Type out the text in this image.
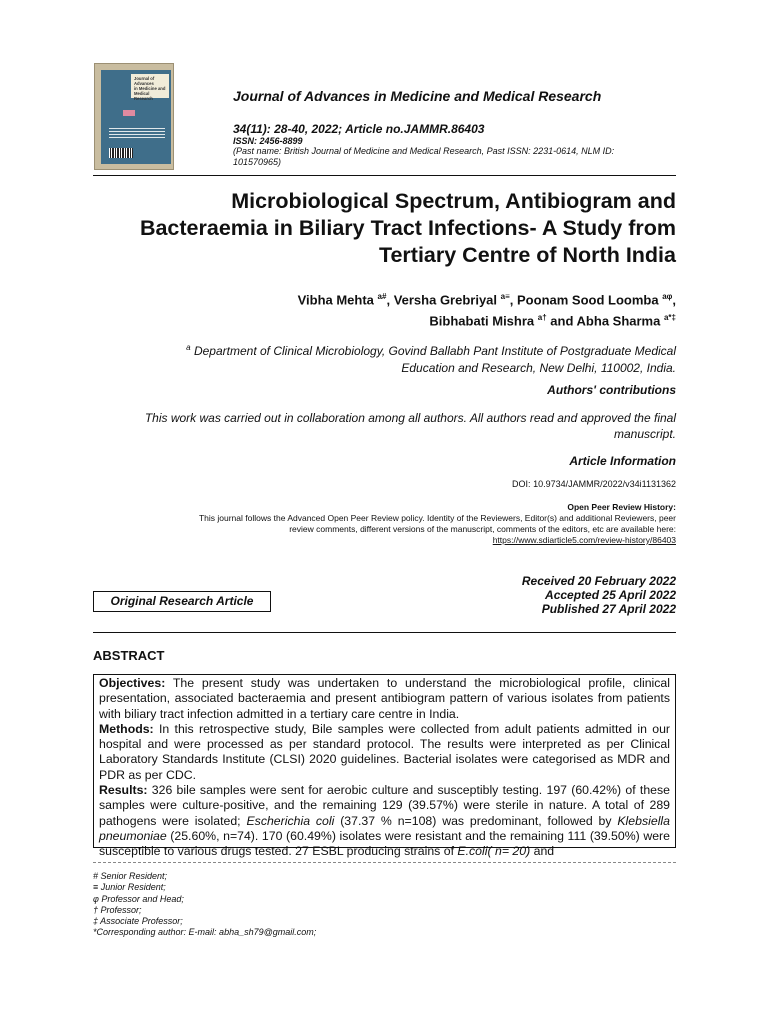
Journal of Advances
in Medicine and
Medical Research	Journal of Advances in Medicine and Medical Research
34(11): 28-40, 2022; Article no.JAMMR.86403
ISSN: 2456-8899
(Past name: British Journal of Medicine and Medical Research, Past ISSN: 2231-0614, NLM ID: 101570965)
Microbiological Spectrum, Antibiogram and
Bacteraemia in Biliary Tract Infections- A Study from
Tertiary Centre of North India
Vibha Mehta $^{a\#}$, Versha Grebriyal $^{a\equiv}$, Poonam Sood Loomba $^{a\varphi}$,
Bibhabati Mishra $^{a\dagger}$ and Abha Sharma $^{a*\ddagger}$
$^a$ Department of Clinical Microbiology, Govind Ballabh Pant Institute of Postgraduate Medical
Education and Research, New Delhi, 110002, India.
Authors' contributions
This work was carried out in collaboration among all authors. All authors read and approved the final
manuscript.
Article Information
DOI: 10.9734/JAMMR/2022/v34i1131362
Open Peer Review History:
This journal follows the Advanced Open Peer Review policy. Identity of the Reviewers, Editor(s) and additional Reviewers, peer
review comments, different versions of the manuscript, comments of the editors, etc are available here:
https://www.sdiarticle5.com/review-history/86403
Original Research Article
Received 20 February 2022
Accepted 25 April 2022
Published 27 April 2022
ABSTRACT

Objectives: The present study was undertaken to understand the microbiological profile, clinical presentation, associated bacteraemia and present antibiogram pattern of various isolates from patients with biliary tract infection admitted in a tertiary care centre in India.

Methods: In this retrospective study, Bile samples were collected from adult patients admitted in our hospital and were processed as per standard protocol. The results were interpreted as per Clinical Laboratory Standards Institute (CLSI) 2020 guidelines. Bacterial isolates were categorised as MDR and PDR as per CDC.

Results: 326 bile samples were sent for aerobic culture and susceptibly testing. 197 (60.42%) of these samples were culture-positive, and the remaining 129 (39.57%) were sterile in nature. A total of 289 pathogens were isolated; Escherichia coli (37.37 % n=108) was predominant, followed by Klebsiella pneumoniae (25.60%, n=74). 170 (60.49%) isolates were resistant and the remaining 111 (39.50%) were susceptible to various drugs tested. 27 ESBL producing strains of E.coli( n= 20) and

# Senior Resident;
≡ Junior Resident;
φ Professor and Head;
† Professor;
‡ Associate Professor;
*Corresponding author: E-mail: abha_sh79@gmail.com;
